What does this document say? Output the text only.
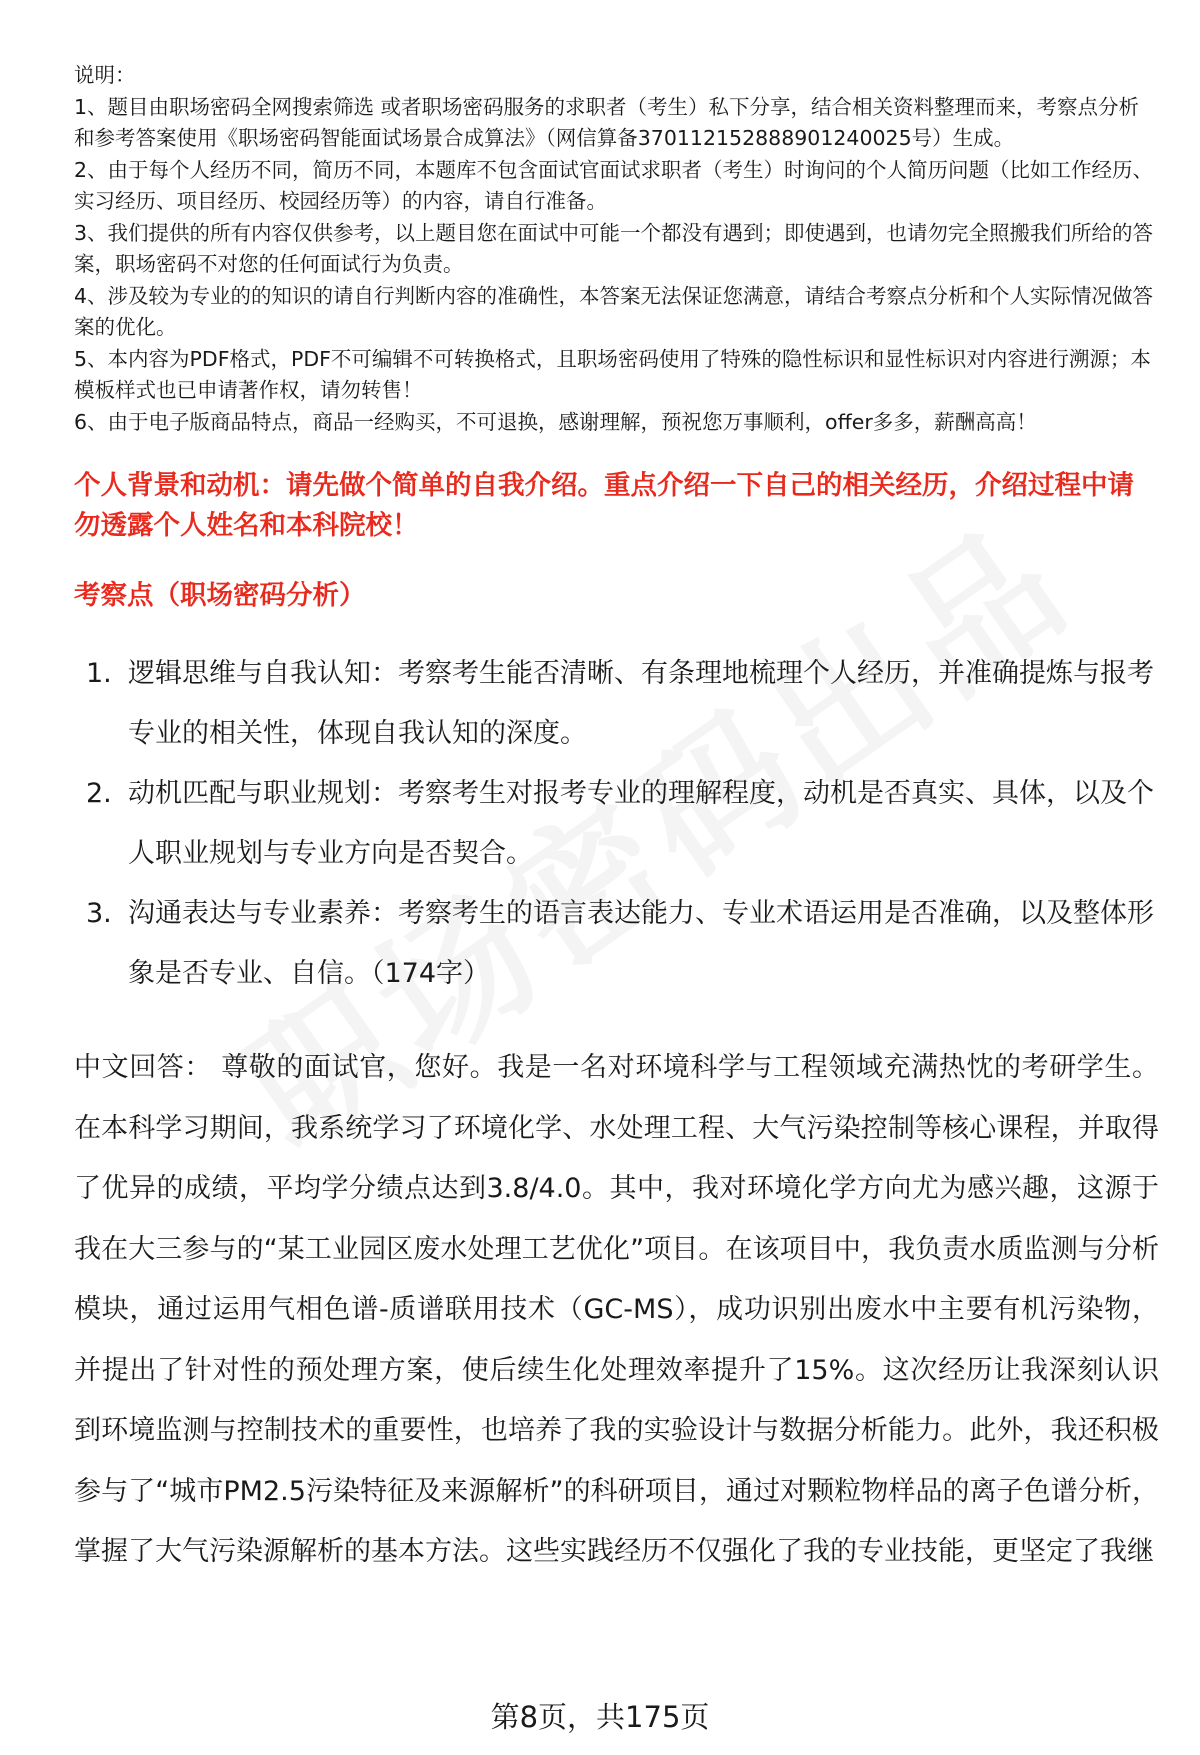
说明：

1、题目由职场密码全网搜索筛选 或者职场密码服务的求职者（考生）私下分享，结合相关资料整理而来，考察点分析和参考答案使用《职场密码智能面试场景合成算法》（网信算备370112152888901240025号）生成。

2、由于每个人经历不同，简历不同，本题库不包含面试官面试求职者（考生）时询问的个人简历问题（比如工作经历、实习经历、项目经历、校园经历等）的内容，请自行准备。

3、我们提供的所有内容仅供参考，以上题目您在面试中可能一个都没有遇到；即使遇到，也请勿完全照搬我们所给的答案，职场密码不对您的任何面试行为负责。

4、涉及较为专业的的知识的请自行判断内容的准确性，本答案无法保证您满意，请结合考察点分析和个人实际情况做答案的优化。

5、本内容为PDF格式，PDF不可编辑不可转换格式，且职场密码使用了特殊的隐性标识和显性标识对内容进行溯源；本模板样式也已申请著作权，请勿转售！

6、由于电子版商品特点，商品一经购买，不可退换，感谢理解，预祝您万事顺利，offer多多，薪酬高高！

个人背景和动机：请先做个简单的自我介绍。重点介绍一下自己的相关经历，介绍过程中请勿透露个人姓名和本科院校！
考察点（职场密码分析）
1. 逻辑思维与自我认知：考察考生能否清晰、有条理地梳理个人经历，并准确提炼与报考专业的相关性，体现自我认知的深度。
2. 动机匹配与职业规划：考察考生对报考专业的理解程度，动机是否真实、具体，以及个人职业规划与专业方向是否契合。
3. 沟通表达与专业素养：考察考生的语言表达能力、专业术语运用是否准确，以及整体形象是否专业、自信。（174字）
中文回答： 尊敬的面试官，您好。我是一名对环境科学与工程领域充满热忱的考研学生。在本科学习期间，我系统学习了环境化学、水处理工程、大气污染控制等核心课程，并取得了优异的成绩，平均学分绩点达到3.8/4.0。其中，我对环境化学方向尤为感兴趣，这源于我在大三参与的“某工业园区废水处理工艺优化”项目。在该项目中，我负责水质监测与分析模块，通过运用气相色谱-质谱联用技术（GC-MS），成功识别出废水中主要有机污染物，并提出了针对性的预处理方案，使后续生化处理效率提升了15%。这次经历让我深刻认识到环境监测与控制技术的重要性，也培养了我的实验设计与数据分析能力。此外，我还积极参与了“城市PM2.5污染特征及来源解析”的科研项目，通过对颗粒物样品的离子色谱分析，掌握了大气污染源解析的基本方法。这些实践经历不仅强化了我的专业技能，更坚定了我继
第8页，共175页
